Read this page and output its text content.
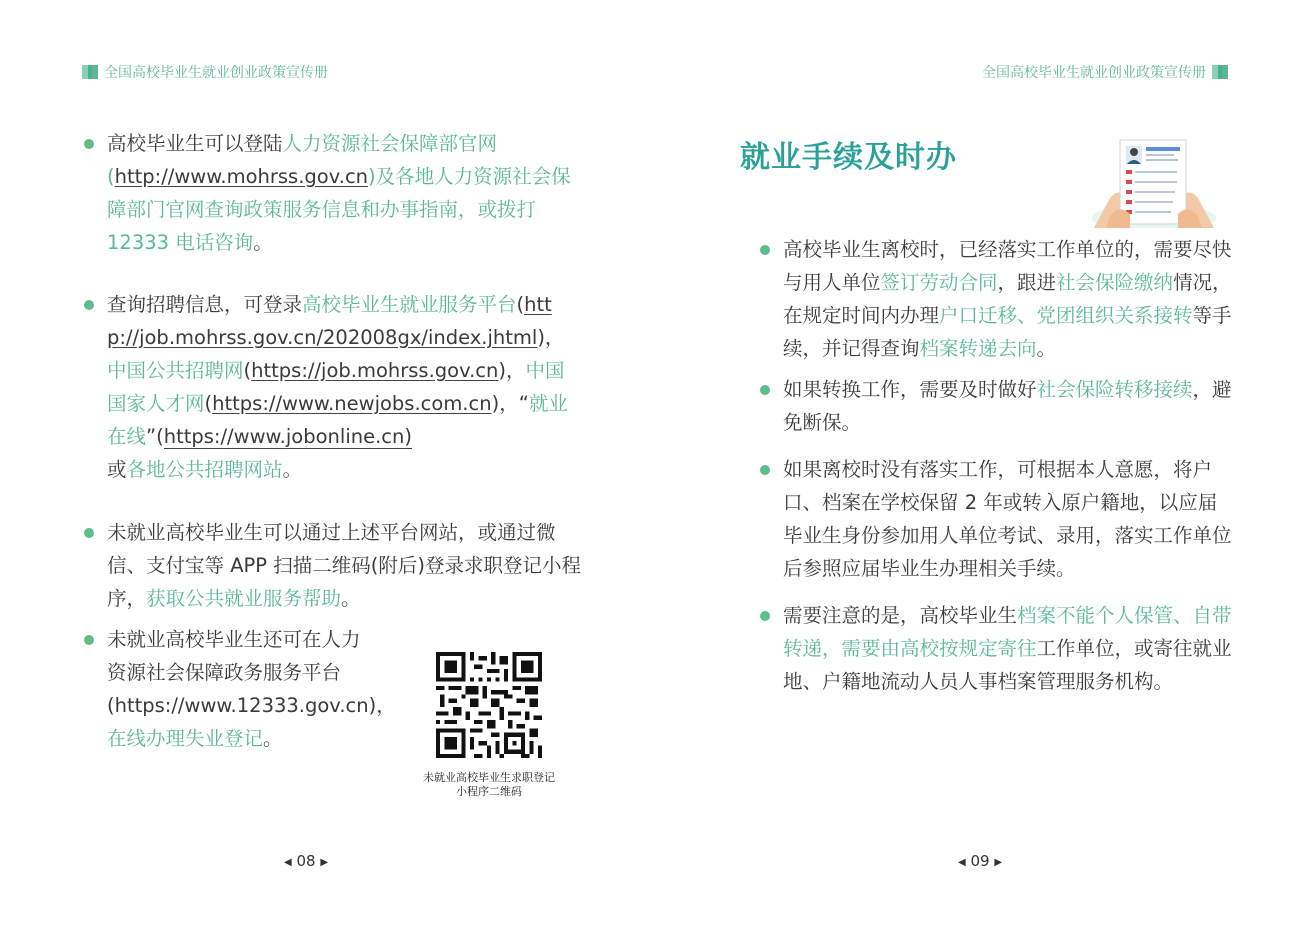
全国高校毕业生就业创业政策宣传册	全国高校毕业生就业创业政策宣传册
高校毕业生可以登陆人力资源社会保障部官网(http://www.mohrss.gov.cn)及各地人力资源社会保障部门官网查询政策服务信息和办事指南，或拨打 12333 电话咨询。
查询招聘信息，可登录高校毕业生就业服务平台(http://job.mohrss.gov.cn/202008gx/index.jhtml)，中国公共招聘网(https://job.mohrss.gov.cn)，中国国家人才网(https://www.newjobs.com.cn)，“就业在线”(https://www.jobonline.cn)
或各地公共招聘网站。
未就业高校毕业生可以通过上述平台网站，或通过微信、支付宝等 APP 扫描二维码(附后)登录求职登记小程序，获取公共就业服务帮助。
未就业高校毕业生还可在人力资源社会保障政务服务平台 (https://www.12333.gov.cn)，在线办理失业登记。
未就业高校毕业生求职登记
小程序二维码
◀ 08 ▶
就业手续及时办
高校毕业生离校时，已经落实工作单位的，需要尽快与用人单位签订劳动合同，跟进社会保险缴纳情况，在规定时间内办理户口迁移、党团组织关系接转等手续，并记得查询档案转递去向。
如果转换工作，需要及时做好社会保险转移接续，避免断保。
如果离校时没有落实工作，可根据本人意愿，将户口、档案在学校保留 2 年或转入原户籍地，以应届毕业生身份参加用人单位考试、录用，落实工作单位后参照应届毕业生办理相关手续。
需要注意的是，高校毕业生档案不能个人保管、自带转递，需要由高校按规定寄往工作单位，或寄往就业地、户籍地流动人员人事档案管理服务机构。
◀ 09 ▶
